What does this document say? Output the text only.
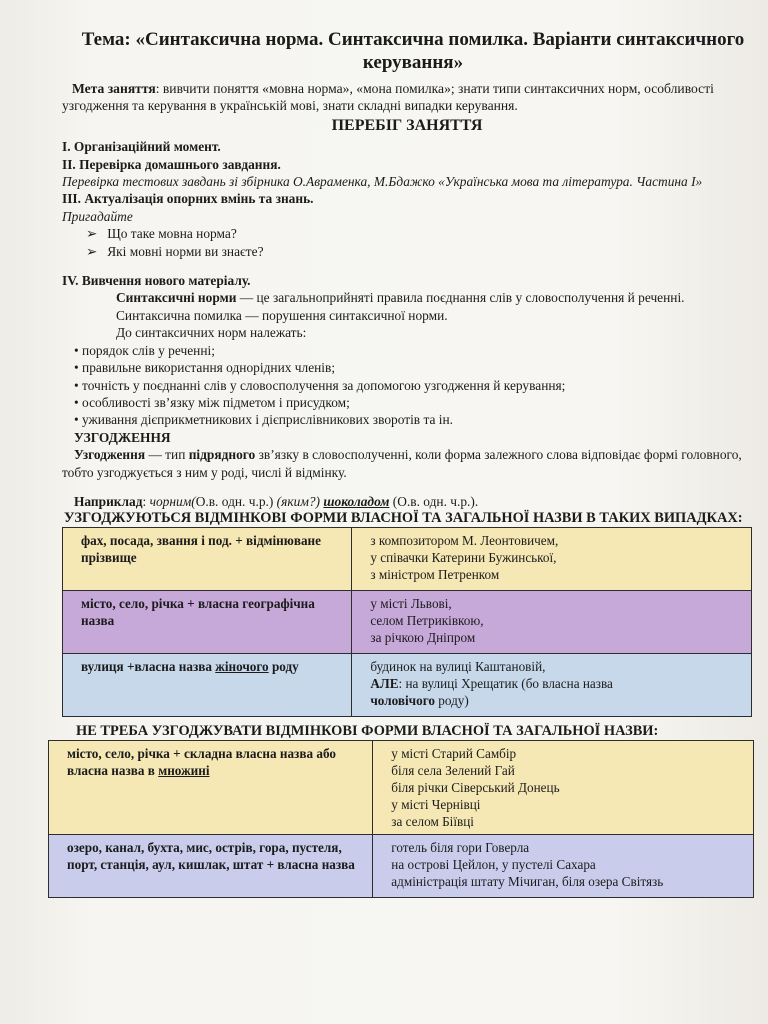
Тема: «Синтаксична норма. Синтаксична помилка. Варіанти синтаксичного керування»

Мета заняття: вивчити поняття «мовна норма», «мона помилка»; знати типи синтаксичних норм, особливості узгодження та керування в українській мові, знати складні випадки керування.

ПЕРЕБІГ ЗАНЯТТЯ

І. Організаційний момент.

ІІ. Перевірка домашнього завдання.

Перевірка тестових завдань зі збірника О.Авраменка, М.Бдажко «Українська мова та література. Частина І»

ІІІ. Актуалізація опорних вмінь та знань.

Пригадайте

➢ Що таке мовна норма?
➢ Які мовні норми ви знаєте?

IV. Вивчення нового матеріалу.

Синтаксичні норми — це загальноприйняті правила поєднання слів у словосполучення й реченні.

Синтаксична помилка — порушення синтаксичної норми.

До синтаксичних норм належать:

• порядок слів у реченні;
• правильне використання однорідних членів;
• точність у поєднанні слів у словосполучення за допомогою узгодження й керування;
• особливості зв’язку між підметом і присудком;
• уживання дієприкметникових і дієприслівникових зворотів та ін.

УЗГОДЖЕННЯ

Узгодження — тип підрядного зв’язку в словосполученні, коли форма залежного слова відповідає формі головного, тобто узгоджується з ним у роді, числі й відмінку.

Наприклад: чорним(О.в. одн. ч.р.) (яким?) шоколадом (О.в. одн. ч.р.).

УЗГОДЖУЮТЬСЯ ВІДМІНКОВІ ФОРМИ ВЛАСНОЇ ТА ЗАГАЛЬНОЇ НАЗВИ В ТАКИХ ВИПАДКАХ:
фах, посада, звання і под. + відмінюване прізвище	з композитором М. Леонтовичем,
у співачки Катерини Бужинської,
з міністром Петренком

місто, село, річка + власна географічна назва	у місті Львові,
селом Петриківкою,
за річкою Дніпром

вулиця +власна назва жіночого роду	будинок на вулиці Каштановій,
АЛЕ: на вулиці Хрещатик (бо власна назва
чоловічого роду)
НЕ ТРЕБА УЗГОДЖУВАТИ ВІДМІНКОВІ ФОРМИ ВЛАСНОЇ ТА ЗАГАЛЬНОЇ НАЗВИ:
місто, село, річка + складна власна назва або власна назва в множині	у місті Старий Самбір
біля села Зелений Гай
біля річки Сіверський Донець
у місті Чернівці
за селом Біївці

озеро, канал, бухта, мис, острів, гора, пустеля, порт, станція, аул, кишлак, штат + власна назва	готель біля гори Говерла
на острові Цейлон, у пустелі Сахара
адміністрація штату Мічиган, біля озера Світязь
